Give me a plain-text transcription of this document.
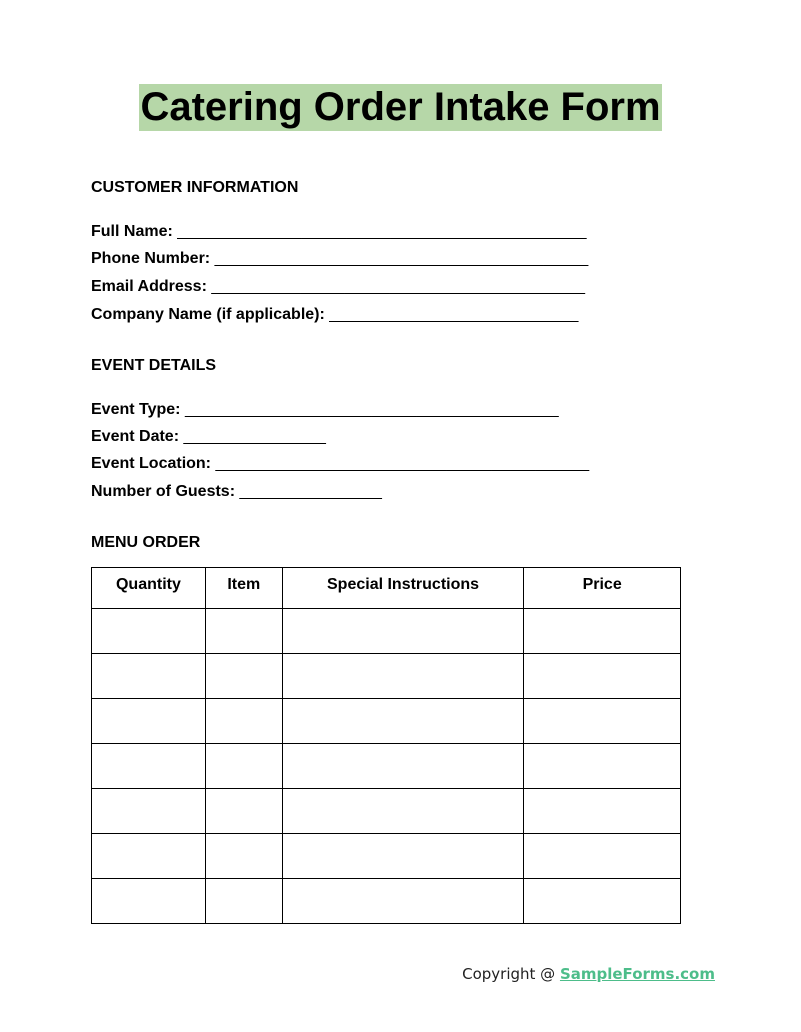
Catering Order Intake Form
CUSTOMER INFORMATION
Full Name: ______________________________________________
Phone Number: __________________________________________
Email Address: __________________________________________
Company Name (if applicable): ____________________________
EVENT DETAILS
Event Type: __________________________________________
Event Date: ________________
Event Location: __________________________________________
Number of Guests: ________________
MENU ORDER
Quantity	Item	Special Instructions	Price

Copyright @ SampleForms.com
